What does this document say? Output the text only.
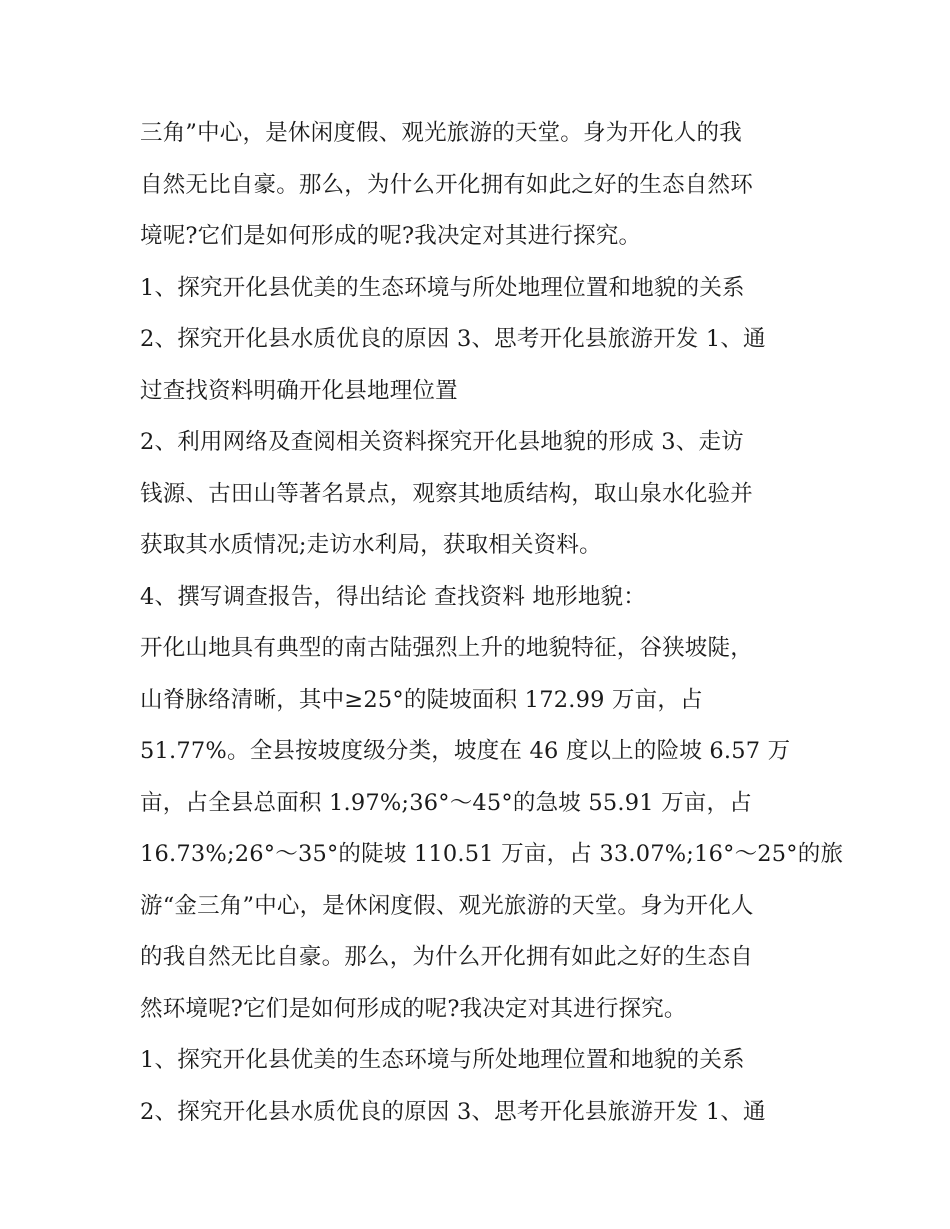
三角”中心，是休闲度假、观光旅游的天堂。身为开化人的我
自然无比自豪。那么，为什么开化拥有如此之好的生态自然环
境呢?它们是如何形成的呢?我决定对其进行探究。
1、探究开化县优美的生态环境与所处地理位置和地貌的关系
2、探究开化县水质优良的原因 3、思考开化县旅游开发 1、通
过查找资料明确开化县地理位置
2、利用网络及查阅相关资料探究开化县地貌的形成 3、走访
钱源、古田山等著名景点，观察其地质结构，取山泉水化验并
获取其水质情况;走访水利局，获取相关资料。
4、撰写调查报告，得出结论 查找资料 地形地貌：
开化山地具有典型的南古陆强烈上升的地貌特征，谷狭坡陡，
山脊脉络清晰，其中≥25°的陡坡面积 172.99 万亩，占
51.77%。全县按坡度级分类，坡度在 46 度以上的险坡 6.57 万
亩，占全县总面积 1.97%;36°～45°的急坡 55.91 万亩，占
16.73%;26°～35°的陡坡 110.51 万亩，占 33.07%;16°～25°的旅
游“金三角”中心，是休闲度假、观光旅游的天堂。身为开化人
的我自然无比自豪。那么，为什么开化拥有如此之好的生态自
然环境呢?它们是如何形成的呢?我决定对其进行探究。
1、探究开化县优美的生态环境与所处地理位置和地貌的关系
2、探究开化县水质优良的原因 3、思考开化县旅游开发 1、通
